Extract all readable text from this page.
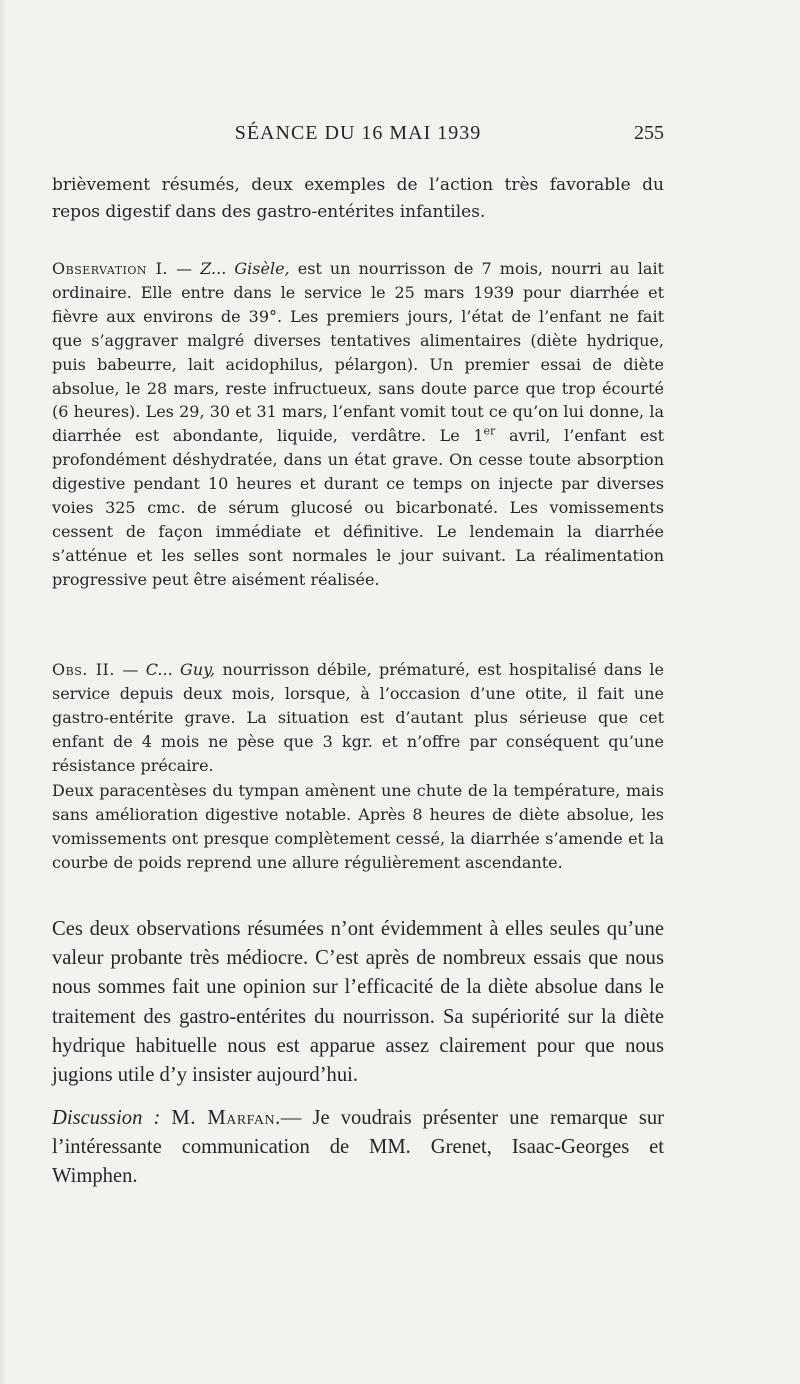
SÉANCE DU 16 MAI 1939	255

brièvement résumés, deux exemples de l’action très favorable du repos digestif dans des gastro-entérites infantiles.

Observation I. — Z... Gisèle, est un nourrisson de 7 mois, nourri au lait ordinaire. Elle entre dans le service le 25 mars 1939 pour diarrhée et fièvre aux environs de 39°. Les premiers jours, l’état de l’enfant ne fait que s’aggraver malgré diverses tentatives alimentaires (diète hydrique, puis babeurre, lait acidophilus, pélargon). Un premier essai de diète absolue, le 28 mars, reste infructueux, sans doute parce que trop écourté (6 heures). Les 29, 30 et 31 mars, l’enfant vomit tout ce qu’on lui donne, la diarrhée est abondante, liquide, verdâtre. Le 1er avril, l’enfant est profondément déshydratée, dans un état grave. On cesse toute absorption digestive pendant 10 heures et durant ce temps on injecte par diverses voies 325 cmc. de sérum glucosé ou bicarbonaté. Les vomissements cessent de façon immédiate et définitive. Le lendemain la diarrhée s’atténue et les selles sont normales le jour suivant. La réalimentation progressive peut être aisément réalisée.

Obs. II. — C... Guy, nourrisson débile, prématuré, est hospitalisé dans le service depuis deux mois, lorsque, à l’occasion d’une otite, il fait une gastro-entérite grave. La situation est d’autant plus sérieuse que cet enfant de 4 mois ne pèse que 3 kgr. et n’offre par conséquent qu’une résistance précaire.

Deux paracentèses du tympan amènent une chute de la température, mais sans amélioration digestive notable. Après 8 heures de diète absolue, les vomissements ont presque complètement cessé, la diarrhée s’amende et la courbe de poids reprend une allure régulièrement ascendante.

Ces deux observations résumées n’ont évidemment à elles seules qu’une valeur probante très médiocre. C’est après de nombreux essais que nous nous sommes fait une opinion sur l’efficacité de la diète absolue dans le traitement des gastro-entérites du nourrisson. Sa supériorité sur la diète hydrique habituelle nous est apparue assez clairement pour que nous jugions utile d’y insister aujourd’hui.

Discussion : M. Marfan.— Je voudrais présenter une remarque sur l’intéressante communication de MM. Grenet, Isaac-Georges et Wimphen.
